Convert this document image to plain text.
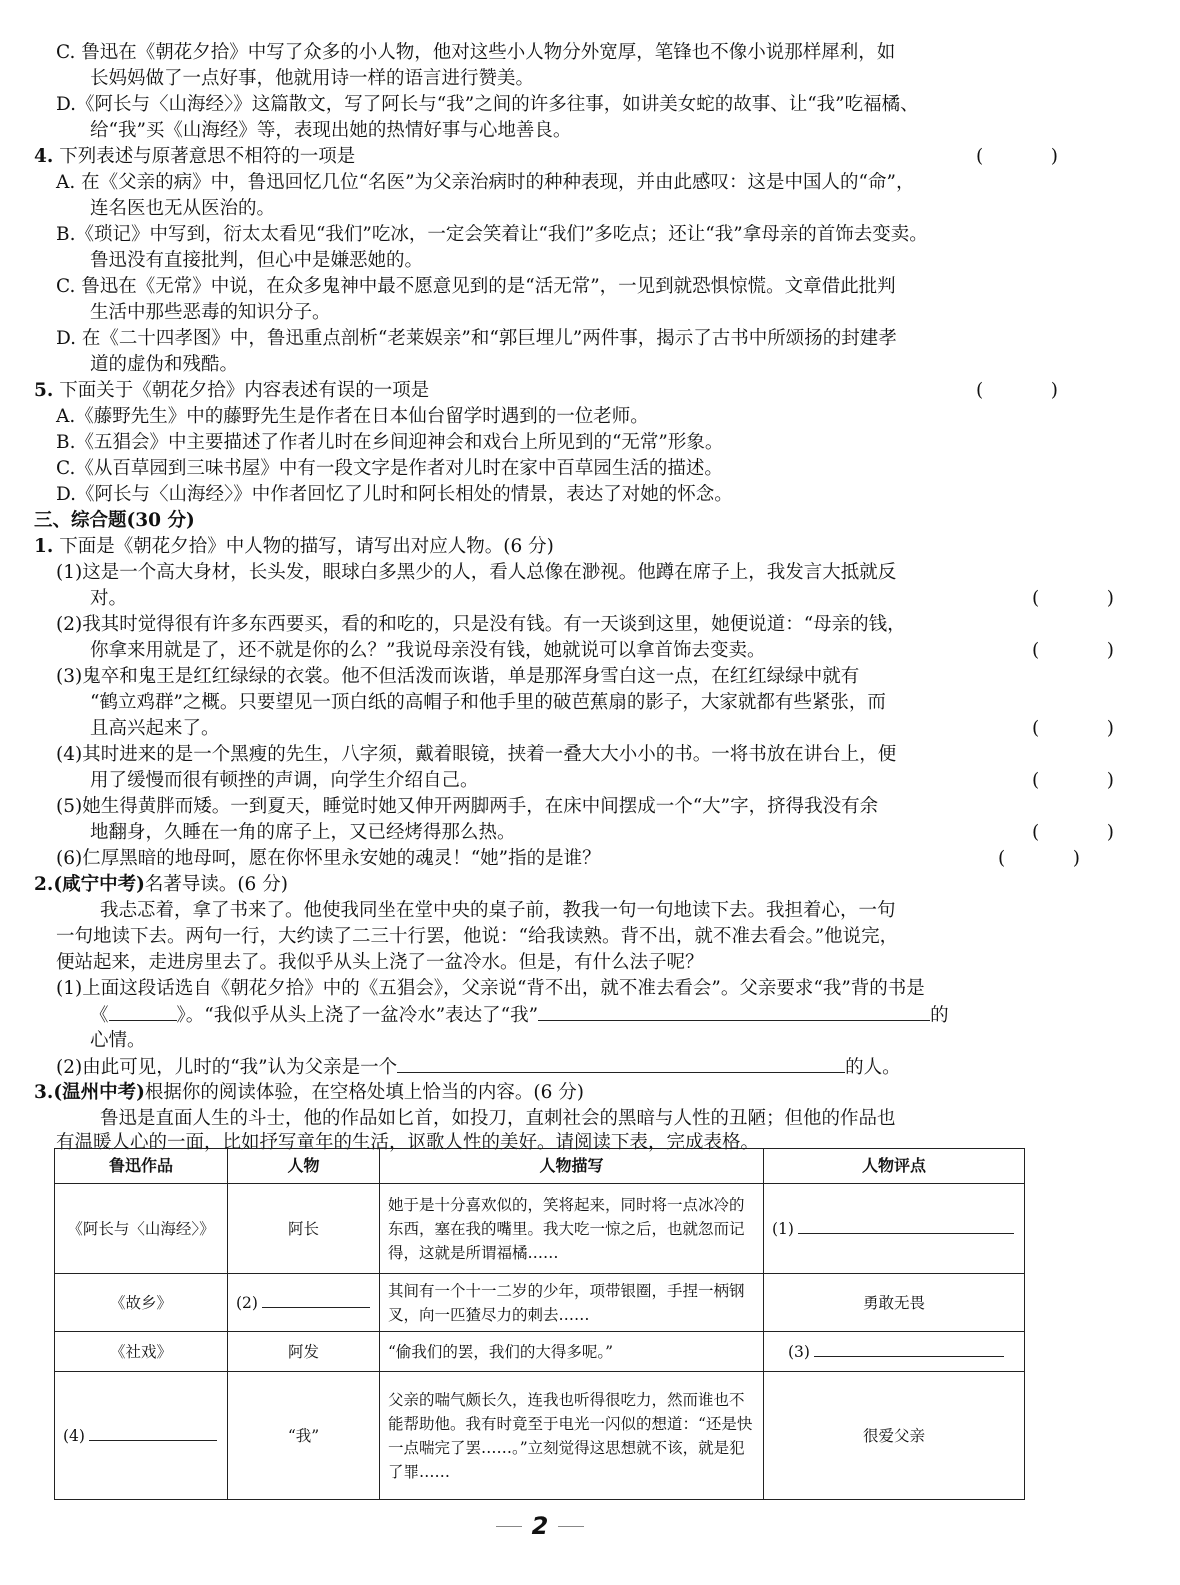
C. 鲁迅在《朝花夕拾》中写了众多的小人物，他对这些小人物分外宽厚，笔锋也不像小说那样犀利，如
长妈妈做了一点好事，他就用诗一样的语言进行赞美。
D.《阿长与〈山海经〉》这篇散文，写了阿长与“我”之间的许多往事，如讲美女蛇的故事、让“我”吃福橘、
给“我”买《山海经》等，表现出她的热情好事与心地善良。
4. 下列表述与原著意思不相符的一项是	(　　)
A. 在《父亲的病》中，鲁迅回忆几位“名医”为父亲治病时的种种表现，并由此感叹：这是中国人的“命”，
连名医也无从医治的。
B.《琐记》中写到，衍太太看见“我们”吃冰，一定会笑着让“我们”多吃点；还让“我”拿母亲的首饰去变卖。
鲁迅没有直接批判，但心中是嫌恶她的。
C. 鲁迅在《无常》中说，在众多鬼神中最不愿意见到的是“活无常”，一见到就恐惧惊慌。文章借此批判
生活中那些恶毒的知识分子。
D. 在《二十四孝图》中，鲁迅重点剖析“老莱娱亲”和“郭巨埋儿”两件事，揭示了古书中所颂扬的封建孝
道的虚伪和残酷。
5. 下面关于《朝花夕拾》内容表述有误的一项是	(　　)
A.《藤野先生》中的藤野先生是作者在日本仙台留学时遇到的一位老师。
B.《五猖会》中主要描述了作者儿时在乡间迎神会和戏台上所见到的“无常”形象。
C.《从百草园到三味书屋》中有一段文字是作者对儿时在家中百草园生活的描述。
D.《阿长与〈山海经〉》中作者回忆了儿时和阿长相处的情景，表达了对她的怀念。
三、综合题(30 分)
1. 下面是《朝花夕拾》中人物的描写，请写出对应人物。(6 分)
(1)这是一个高大身材，长头发，眼球白多黑少的人，看人总像在渺视。他蹲在席子上，我发言大抵就反
对。	(　　)
(2)我其时觉得很有许多东西要买，看的和吃的，只是没有钱。有一天谈到这里，她便说道：“母亲的钱，
你拿来用就是了，还不就是你的么？”我说母亲没有钱，她就说可以拿首饰去变卖。	(　　)
(3)鬼卒和鬼王是红红绿绿的衣裳。他不但活泼而诙谐，单是那浑身雪白这一点，在红红绿绿中就有
“鹤立鸡群”之概。只要望见一顶白纸的高帽子和他手里的破芭蕉扇的影子，大家就都有些紧张，而
且高兴起来了。	(　　)
(4)其时进来的是一个黑瘦的先生，八字须，戴着眼镜，挟着一叠大大小小的书。一将书放在讲台上，便
用了缓慢而很有顿挫的声调，向学生介绍自己。	(　　)
(5)她生得黄胖而矮。一到夏天，睡觉时她又伸开两脚两手，在床中间摆成一个“大”字，挤得我没有余
地翻身，久睡在一角的席子上，又已经烤得那么热。	(　　)
(6)仁厚黑暗的地母呵，愿在你怀里永安她的魂灵！“她”指的是谁？	(　　)
2.(咸宁中考)名著导读。(6 分)
我忐忑着，拿了书来了。他使我同坐在堂中央的桌子前，教我一句一句地读下去。我担着心，一句
一句地读下去。两句一行，大约读了二三十行罢，他说：“给我读熟。背不出，就不准去看会。”他说完，
便站起来，走进房里去了。我似乎从头上浇了一盆冷水。但是，有什么法子呢？
(1)上面这段话选自《朝花夕拾》中的《五猖会》，父亲说“背不出，就不准去看会”。父亲要求“我”背的书是
《	》。“我似乎从头上浇了一盆冷水”表达了“我”	的
心情。
(2)由此可见，儿时的“我”认为父亲是一个	的人。
3.(温州中考)根据你的阅读体验，在空格处填上恰当的内容。(6 分)
鲁迅是直面人生的斗士，他的作品如匕首，如投刀，直刺社会的黑暗与人性的丑陋；但他的作品也
有温暖人心的一面，比如抒写童年的生活，讴歌人性的美好。请阅读下表，完成表格。
鲁迅作品	人物	人物描写	人物评点
《阿长与〈山海经〉》	阿长	她于是十分喜欢似的，笑将起来，同时将一点冰冷的东西，塞在我的嘴里。我大吃一惊之后，也就忽而记得，这就是所谓福橘……	(1)
《故乡》	(2)	其间有一个十一二岁的少年，项带银圈，手捏一柄钢叉，向一匹猹尽力的刺去……	勇敢无畏
《社戏》	阿发	“偷我们的罢，我们的大得多呢。”	(3)
(4)	“我”	父亲的喘气颇长久，连我也听得很吃力，然而谁也不能帮助他。我有时竟至于电光一闪似的想道：“还是快一点喘完了罢……。”立刻觉得这思想就不该，就是犯了罪……	很爱父亲
2
